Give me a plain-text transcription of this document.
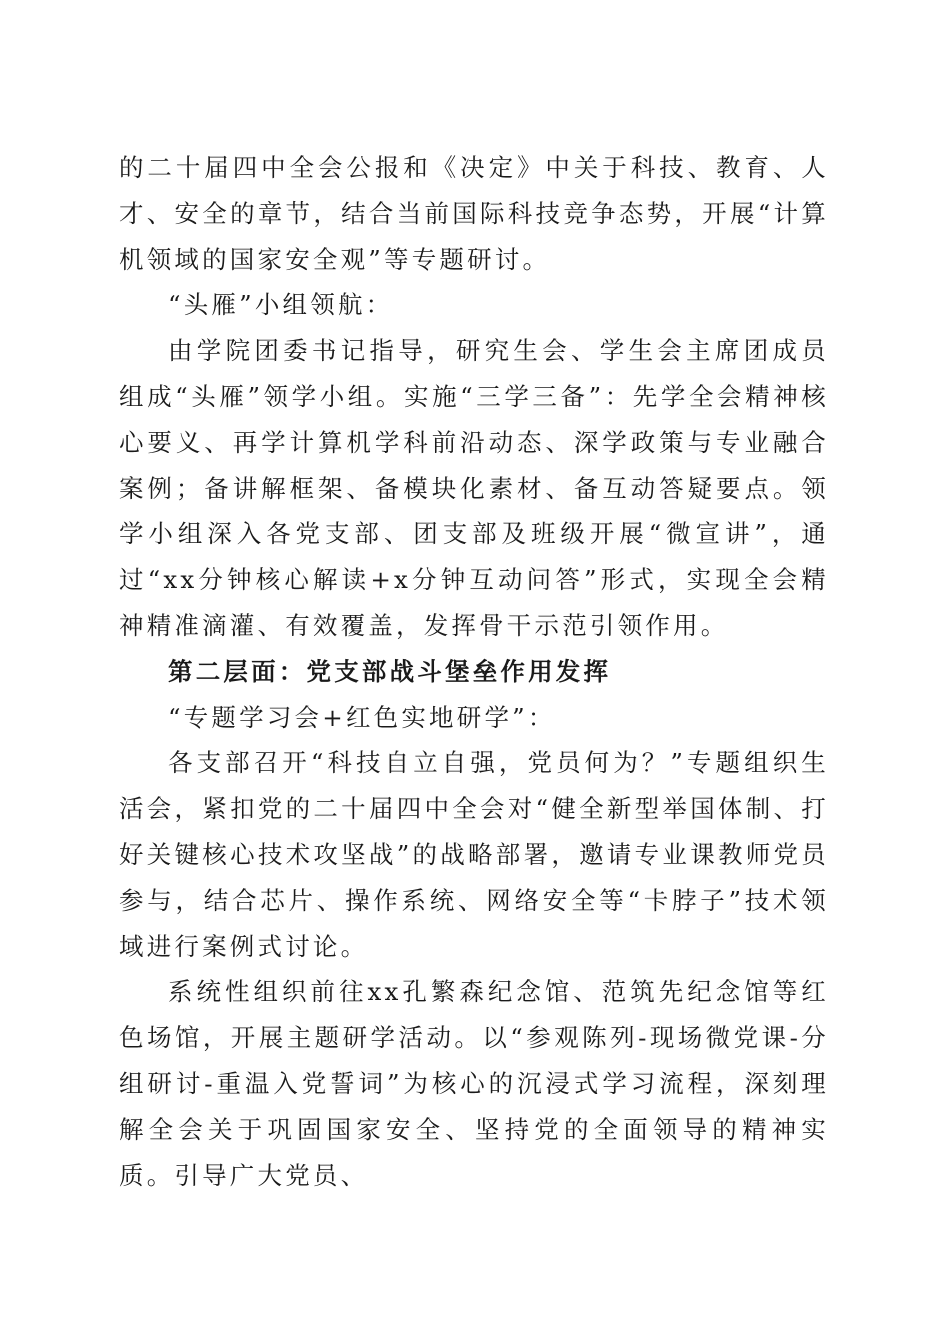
的二十届四中全会公报和《决定》中关于科技、教育、人才、安全的章节，结合当前国际科技竞争态势，开展“计算机领域的国家安全观”等专题研讨。

“头雁”小组领航：

由学院团委书记指导，研究生会、学生会主席团成员组成“头雁”领学小组。实施“三学三备”：先学全会精神核心要义、再学计算机学科前沿动态、深学政策与专业融合案例；备讲解框架、备模块化素材、备互动答疑要点。领学小组深入各党支部、团支部及班级开展“微宣讲”，通过“xx分钟核心解读+x分钟互动问答”形式，实现全会精神精准滴灌、有效覆盖，发挥骨干示范引领作用。

第二层面：党支部战斗堡垒作用发挥

“专题学习会+红色实地研学”：

各支部召开“科技自立自强，党员何为？”专题组织生活会，紧扣党的二十届四中全会对“健全新型举国体制、打好关键核心技术攻坚战”的战略部署，邀请专业课教师党员参与，结合芯片、操作系统、网络安全等“卡脖子”技术领域进行案例式讨论。

系统性组织前往xx孔繁森纪念馆、范筑先纪念馆等红色场馆，开展主题研学活动。以“参观陈列-现场微党课-分组研讨-重温入党誓词”为核心的沉浸式学习流程，深刻理解全会关于巩固国家安全、坚持党的全面领导的精神实质。引导广大党员、
